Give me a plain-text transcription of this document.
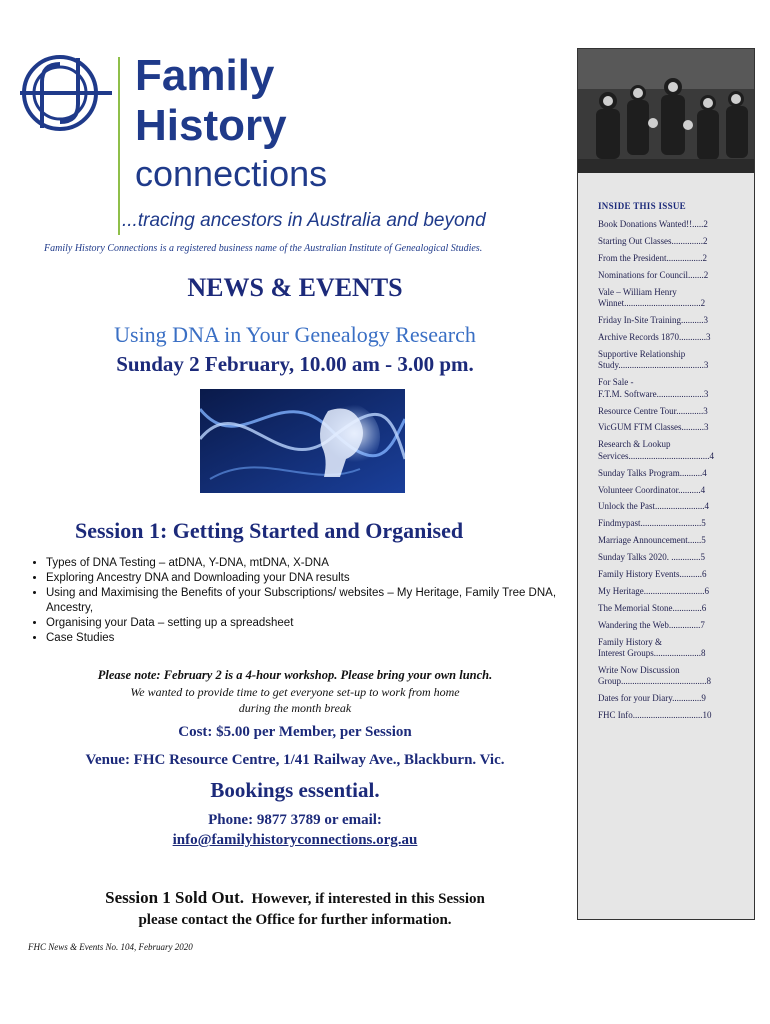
Family
History
connections
...tracing ancestors in Australia and beyond
Family History Connections is a registered business name of the Australian Institute of Genealogical Studies.
NEWS & EVENTS
Using DNA in Your Genealogy Research
Sunday 2 February, 10.00 am - 3.00 pm.
Session 1: Getting Started and Organised
• Types of DNA Testing – atDNA, Y-DNA, mtDNA, X-DNA
• Exploring Ancestry DNA and Downloading your DNA results
• Using and Maximising the Benefits of your Subscriptions/ websites – My Heritage, Family Tree DNA, Ancestry,
• Organising your Data – setting up a spreadsheet
• Case Studies
Please note: February 2 is a 4-hour workshop. Please bring your own lunch.
We wanted to provide time to get everyone set-up to work from home
during the month break
Cost: $5.00 per Member, per Session
Venue: FHC Resource Centre, 1/41 Railway Ave., Blackburn. Vic.
Bookings essential.
Phone: 9877 3789 or email:
info@familyhistoryconnections.org.au
Session 1 Sold Out. However, if interested in this Session
please contact the Office for further information.
FHC News & Events No. 104, February 2020
INSIDE THIS ISSUE
Book Donations Wanted!!.....2
Starting Out Classes..............2
From the President................2
Nominations for Council.......2
Vale – William Henry
Winnet..................................2
Friday In-Site Training..........3
Archive Records 1870............3
Supportive Relationship
Study......................................3
For Sale -
F.T.M. Software.....................3
Resource Centre Tour............3
VicGUM FTM Classes..........3
Research & Lookup
Services....................................4
Sunday Talks Program..........4
Volunteer Coordinator..........4
Unlock the Past......................4
Findmypast...........................5
Marriage Announcement......5
Sunday Talks 2020. .............5
Family History Events..........6
My Heritage...........................6
The Memorial Stone.............6
Wandering the Web..............7
Family History &
Interest Groups.....................8
Write Now Discussion
Group......................................8
Dates for your Diary.............9
FHC Info...............................10
